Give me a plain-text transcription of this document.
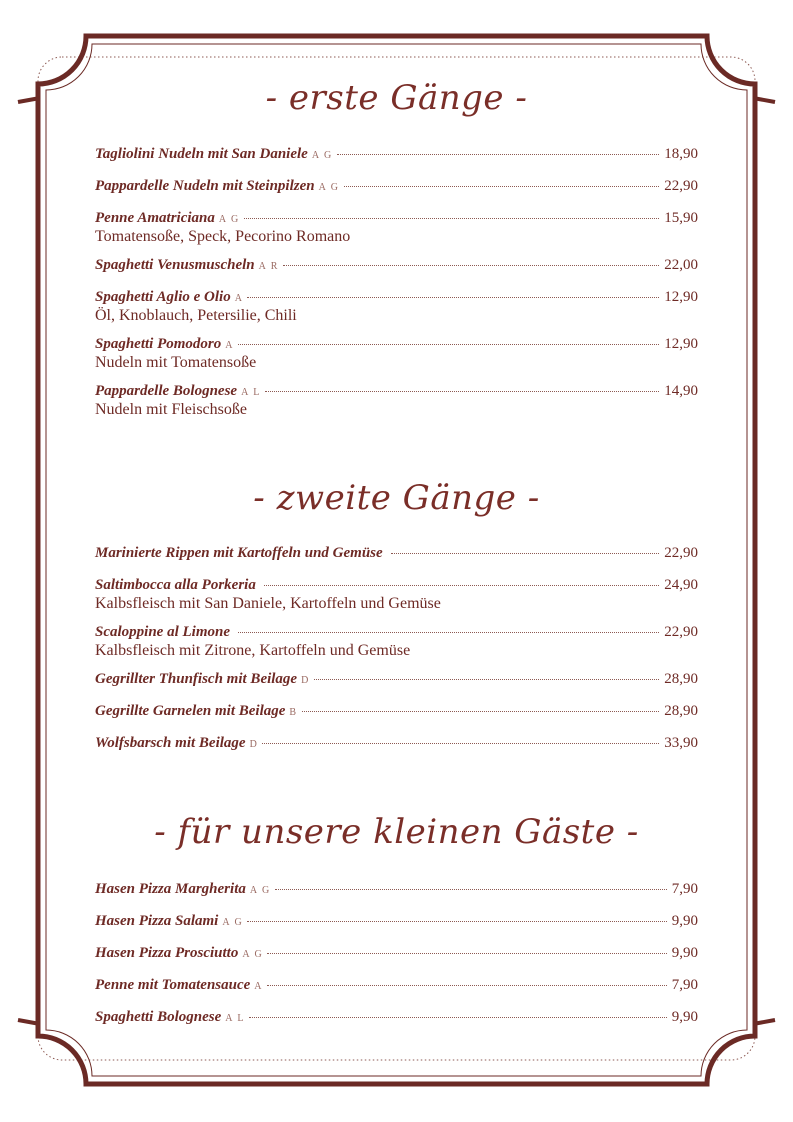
- erste Gänge -
Tagliolini Nudeln mit San Daniele A G	18,90
Pappardelle Nudeln mit Steinpilzen A G	22,90
Penne Amatriciana A G	15,90
Tomatensoße, Speck, Pecorino Romano
Spaghetti Venusmuscheln A R	22,00
Spaghetti Aglio e Olio A	12,90
Öl, Knoblauch, Petersilie, Chili
Spaghetti Pomodoro A	12,90
Nudeln mit Tomatensoße
Pappardelle Bolognese A L	14,90
Nudeln mit Fleischsoße
- zweite Gänge -
Marinierte Rippen mit Kartoffeln und Gemüse	22,90
Saltimbocca alla Porkeria	24,90
Kalbsfleisch mit San Daniele, Kartoffeln und Gemüse
Scaloppine al Limone	22,90
Kalbsfleisch mit Zitrone, Kartoffeln und Gemüse
Gegrillter Thunfisch mit Beilage D	28,90
Gegrillte Garnelen mit Beilage B	28,90
Wolfsbarsch mit Beilage D	33,90
- für unsere kleinen Gäste -
Hasen Pizza Margherita A G	7,90
Hasen Pizza Salami A G	9,90
Hasen Pizza Prosciutto A G	9,90
Penne mit Tomatensauce A	7,90
Spaghetti Bolognese A L	9,90
